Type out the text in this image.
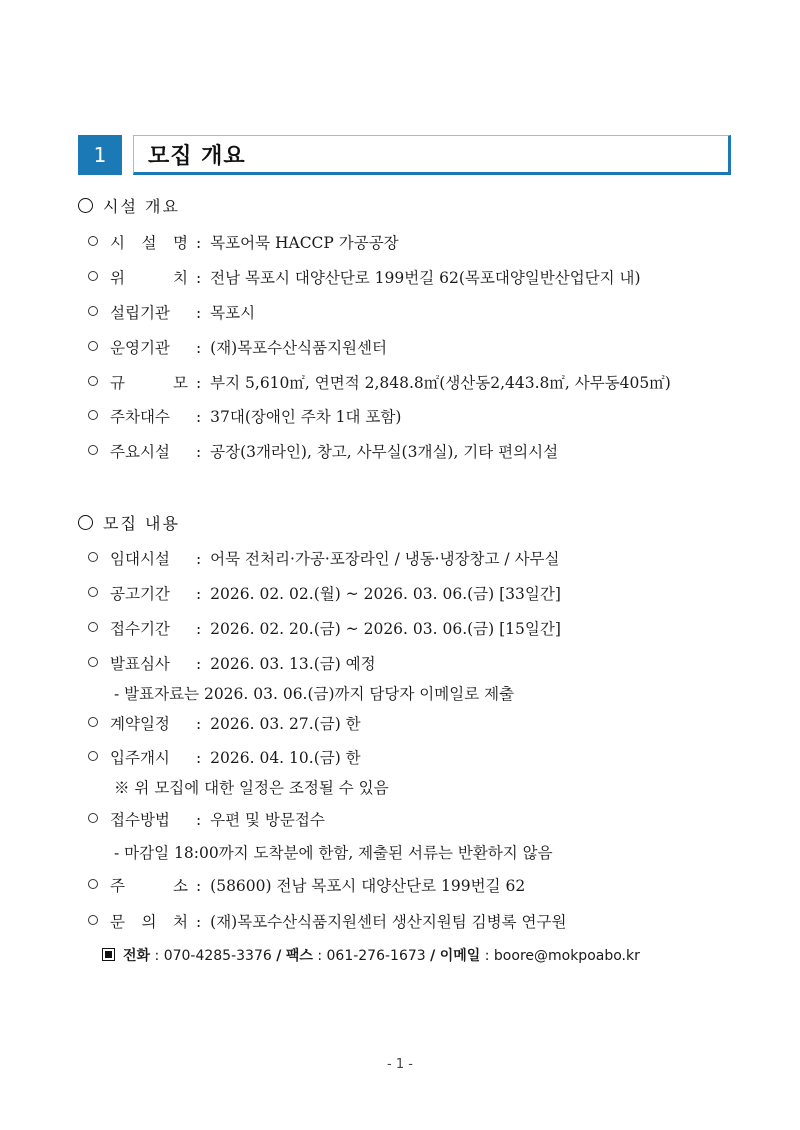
1	모집 개요
시설 개요
시 설 명 : 목포어묵 HACCP 가공공장
위	치 : 전남 목포시 대양산단로 199번길 62(목포대양일반산업단지 내)
설립기관 : 목포시
운영기관 : (재)목포수산식품지원센터
규	모 : 부지 5,610㎡, 연면적 2,848.8㎡(생산동2,443.8㎡, 사무동405㎡)
주차대수 : 37대(장애인 주차 1대 포함)
주요시설 : 공장(3개라인), 창고, 사무실(3개실), 기타 편의시설
모집 내용
임대시설 : 어묵 전처리·가공·포장라인 / 냉동·냉장창고 / 사무실
공고기간 : 2026. 02. 02.(월) ~ 2026. 03. 06.(금) [33일간]
접수기간 : 2026. 02. 20.(금) ~ 2026. 03. 06.(금) [15일간]
발표심사 : 2026. 03. 13.(금) 예정
계약일정 : 2026. 03. 27.(금) 한
입주개시 : 2026. 04. 10.(금) 한
접수방법 : 우편 및 방문접수
주	소 : (58600) 전남 목포시 대양산단로 199번길 62
문 의 처 : (재)목포수산식품지원센터 생산지원팀 김병록 연구원
- 발표자료는 2026. 03. 06.(금)까지 담당자 이메일로 제출
※ 위 모집에 대한 일정은 조정될 수 있음
- 마감일 18:00까지 도착분에 한함, 제출된 서류는 반환하지 않음
전화 : 070-4285-3376 / 팩스 : 061-276-1673 / 이메일 : boore@mokpoabo.kr
- 1 -
